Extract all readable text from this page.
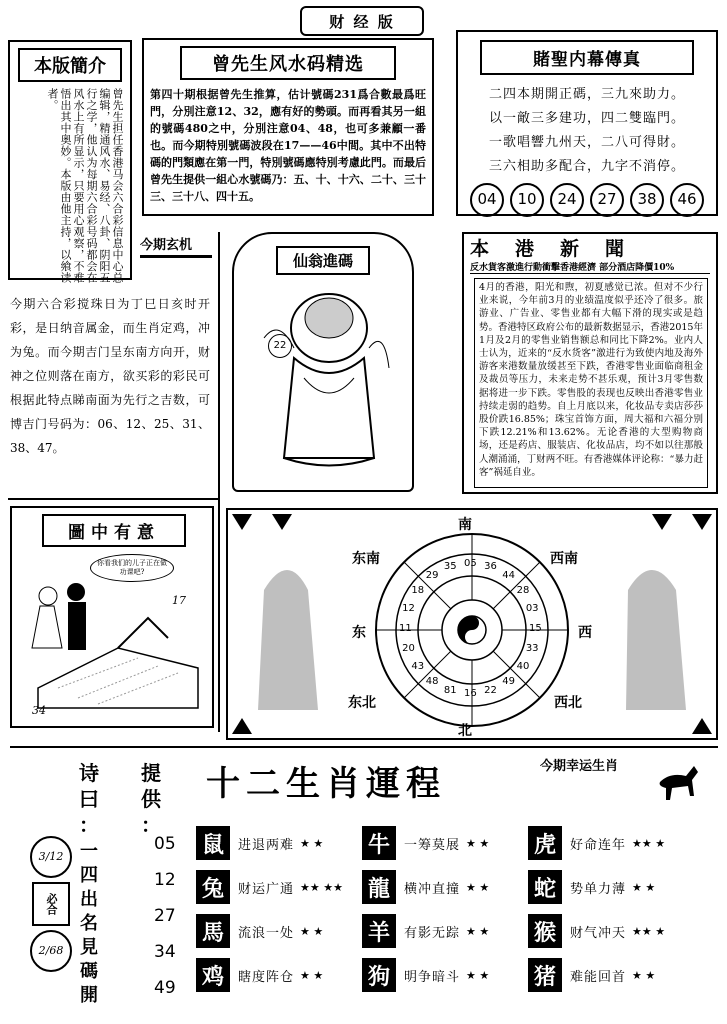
财 经 版
本版簡介
曾先生担任香港马会六合彩信息中心总编辑，精通风水、易经、八卦、阴阳五行之学，他认为每期六合彩号码都会在风水上有所显示，只要用心观察，不难悟出其中奥妙。本版由他主持，以飨读者。
曾先生风水码精选
第四十期根据曾先生推算，估计號碼231爲合數最爲旺門，分別注意12、32，應有好的勢頭。而再看其另一組的號碼480之中，分別注意04、48，也可多兼顧一番也。而今期特別號碼波段在17——46中間。其中不出特碼的門類應在第一門，特別號碼應特別考慮此門。而最后曾先生提供一組心水號碼乃：五、十、十六、二十、三十三、三十八、四十五。
賭聖内幕傳真
二四本期開正碼，三九來助力。
以一敵三多建功，四二雙臨門。
一歌唱響九州天，二八可得財。
三六相助多配合，九字不消停。
04	10	24	27	38	46
今期玄机
今期六合彩搅珠日为丁巳日亥时开彩，是日纳音属金，而生肖定鸡，冲为兔。而今期吉门呈东南方向开，财神之位则落在南方，欲买彩的彩民可根据此特点睇南面为先行之吉数，可博吉门号码为：06、12、25、31、38、47。
仙翁進碼
22
本港新聞
反水貨客激進行動衝擊香港經濟 部分酒店降價10%
4月的香港，阳光和煦，初夏感觉已浓。但对不少行业来说，今年前3月的业绩温度似乎还冷了很多。旅游业、广告业、零售业都有大幅下滑的现实或是趋势。香港特区政府公布的最新数据显示，香港2015年1月及2月的零售业销售额总和同比下降2%。业内人士认为，近来的“反水货客”激进行为致使内地及海外游客来港数量放缓甚至下跌，香港零售业面临商租金及裁员等压力，未来走势不甚乐观，预计3月零售数据将进一步下跌。零售股的表现也反映出香港零售业持续走弱的趋势。自上月底以来，化妆品专卖店莎莎股价跌16.85%；珠宝首饰方面，周大福和六福分别下跌12.21%和13.62%。无论香港的大型购物商场，还是药店、服装店、化妆品店，均不如以往那般人潮涌涌，丁财两不旺。有香港媒体评论称：“暴力赶客”祸延自业。
圖中有意
你看我们的儿子正在做功课吧?
17
34
南
东南	西南
东	西
东北	西北
北
05 36
44
28
03
15
33
40
49
22
16
81
48
43
20
11
12
18
29
35
诗
曰
：
一
四
出
名
見
碼
開
提
供
：
05
12
27
34
49
3/12
必合
2/68
十二生肖運程	今期幸运生肖
鼠	进退两难 ★ ★ 牛	一筹莫展 ★ ★ 虎	好命连年 ★★ ★
兔	财运广通 ★★ ★★ 龍	横冲直撞 ★ ★ 蛇	势单力薄 ★ ★
馬	流浪一处 ★ ★ 羊	有影无踪 ★ ★ 猴	财气冲天 ★★ ★
鸡	瞎度阵仓 ★ ★ 狗	明争暗斗 ★ ★ 猪	难能回首 ★ ★
